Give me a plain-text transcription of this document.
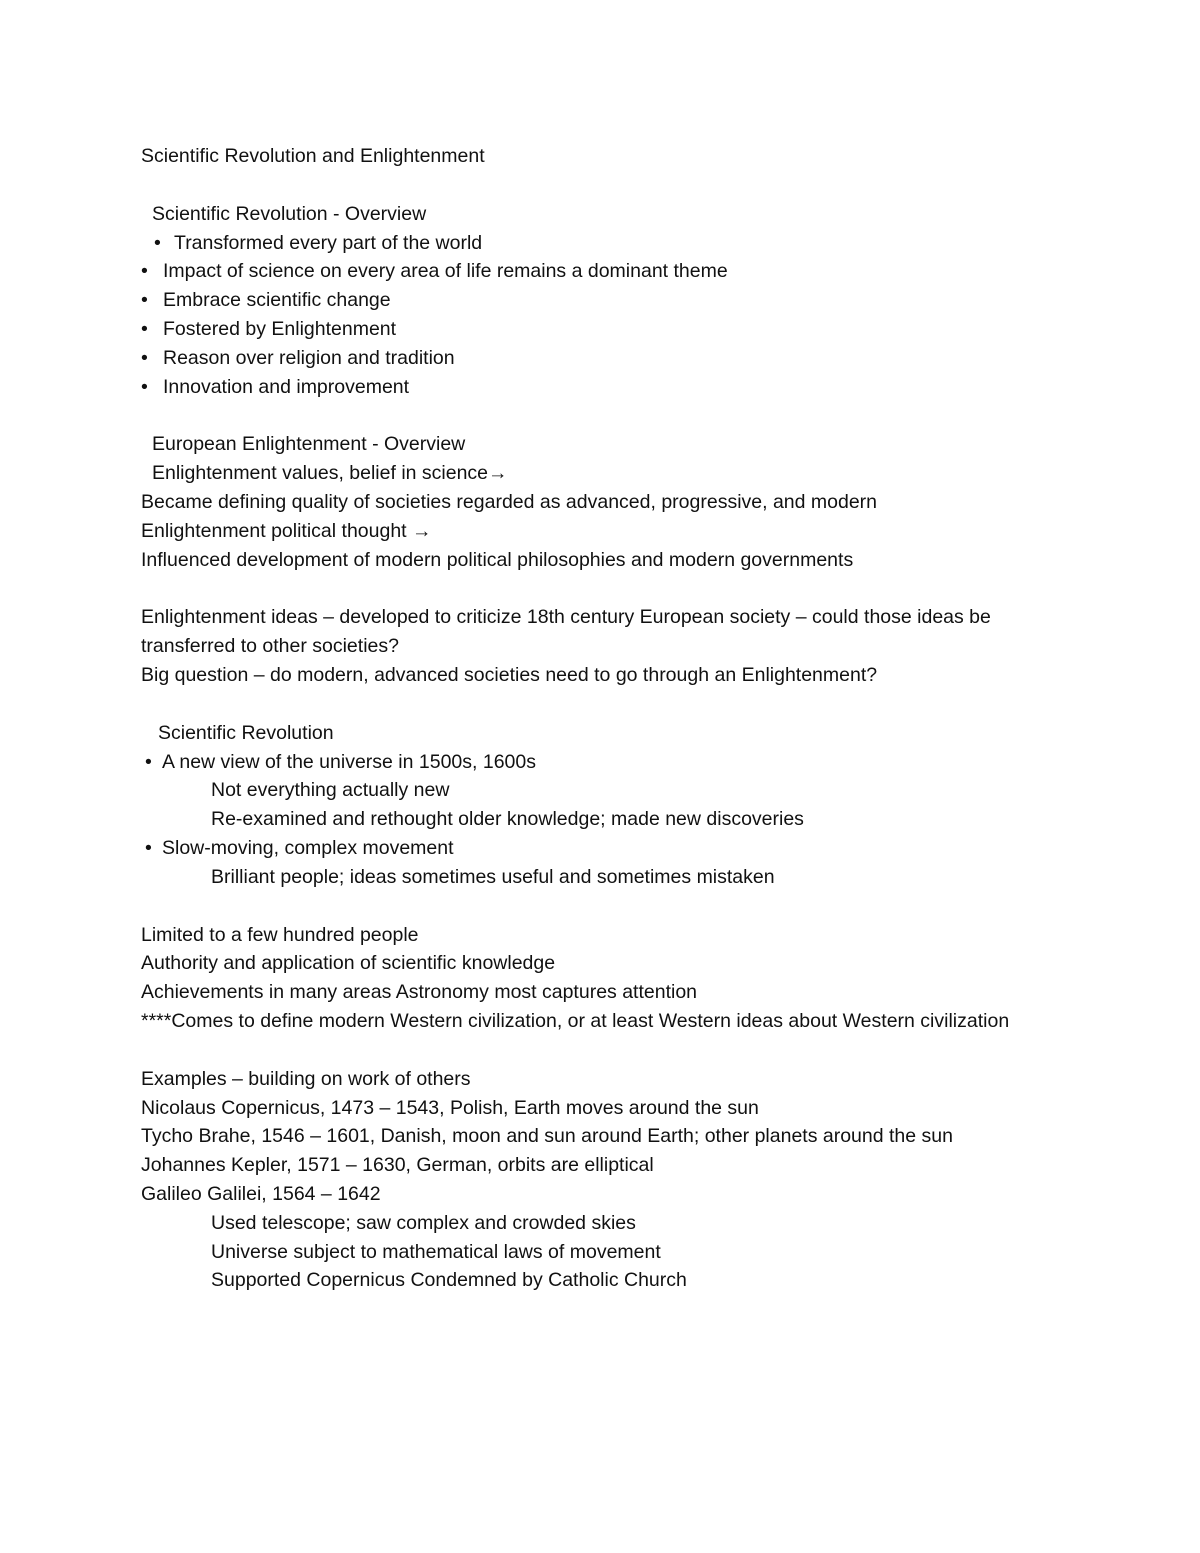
Scientific Revolution and Enlightenment

Scientific Revolution - Overview

• Transformed every part of the world
• Impact of science on every area of life remains a dominant theme
• Embrace scientific change
• Fostered by Enlightenment
• Reason over religion and tradition
• Innovation and improvement

European Enlightenment - Overview

Enlightenment values, belief in science→

Became defining quality of societies regarded as advanced, progressive, and modern

Enlightenment political thought →

Influenced development of modern political philosophies and modern governments

Enlightenment ideas – developed to criticize 18th century European society – could those ideas be transferred to other societies?

Big question – do modern, advanced societies need to go through an Enlightenment?

Scientific Revolution

• A new view of the universe in 1500s, 1600s

Not everything actually new

Re-examined and rethought older knowledge; made new discoveries

• Slow-moving, complex movement

Brilliant people; ideas sometimes useful and sometimes mistaken

Limited to a few hundred people

Authority and application of scientific knowledge

Achievements in many areas Astronomy most captures attention

****Comes to define modern Western civilization, or at least Western ideas about Western civilization

Examples – building on work of others

Nicolaus Copernicus, 1473 – 1543, Polish, Earth moves around the sun

Tycho Brahe, 1546 – 1601, Danish, moon and sun around Earth; other planets around the sun

Johannes Kepler, 1571 – 1630, German, orbits are elliptical

Galileo Galilei, 1564 – 1642

Used telescope; saw complex and crowded skies

Universe subject to mathematical laws of movement

Supported Copernicus Condemned by Catholic Church
